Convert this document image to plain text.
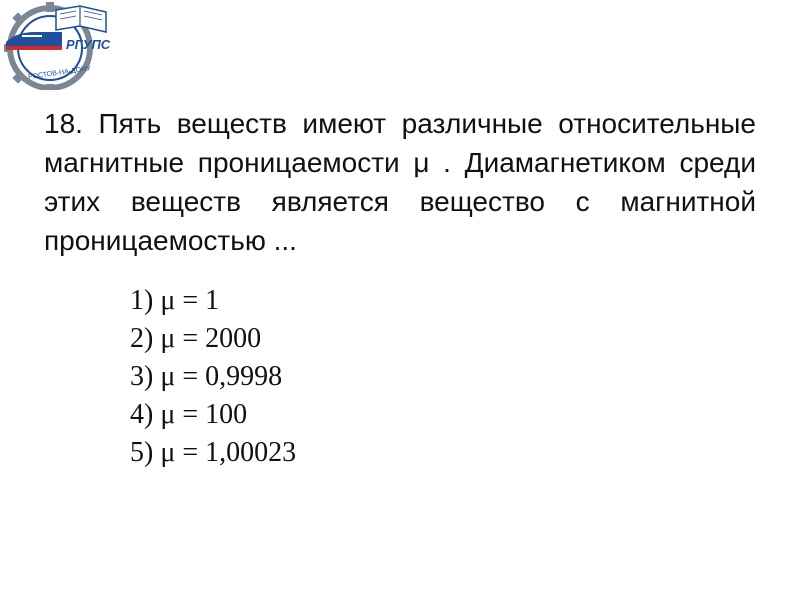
РГУПС
РОСТОВ-НА-ДОНУ
18. Пять веществ имеют различные относительные магнитные проницаемости μ . Диамагнетиком среди этих веществ является вещество с магнитной проницаемостью ...
1) μ = 1
2) μ = 2000
3) μ = 0,9998
4) μ = 100
5) μ = 1,00023
